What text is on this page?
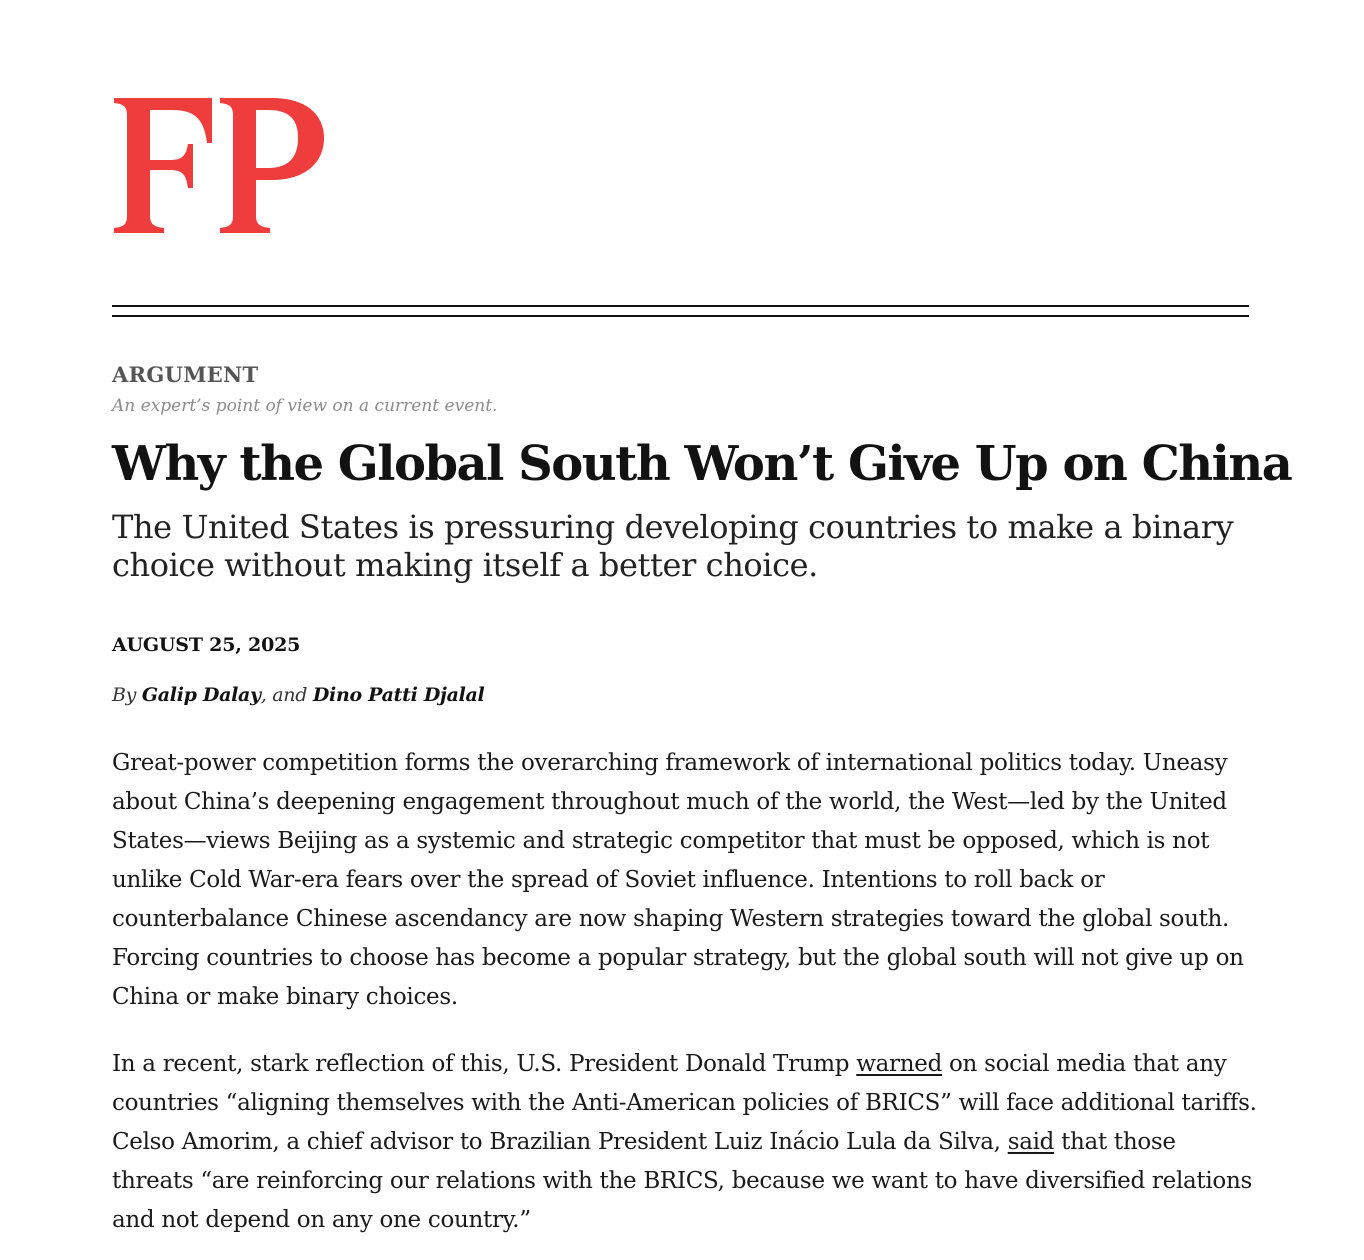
ARGUMENT
An expert’s point of view on a current event.
Why the Global South Won’t Give Up on China

The United States is pressuring developing countries to make a binary choice without making itself a better choice.

AUGUST 25, 2025
By Galip Dalay, and Dino Patti Djalal

Great-power competition forms the overarching framework of international politics today. Uneasy about China’s deepening engagement throughout much of the world, the West—led by the United States—views Beijing as a systemic and strategic competitor that must be opposed, which is not unlike Cold War-era fears over the spread of Soviet influence. Intentions to roll back or counterbalance Chinese ascendancy are now shaping Western strategies toward the global south. Forcing countries to choose has become a popular strategy, but the global south will not give up on China or make binary choices.

In a recent, stark reflection of this, U.S. President Donald Trump warned on social media that any countries “aligning themselves with the Anti-American policies of BRICS” will face additional tariffs. Celso Amorim, a chief advisor to Brazilian President Luiz Inácio Lula da Silva, said that those threats “are reinforcing our relations with the BRICS, because we want to have diversified relations and not depend on any one country.”
